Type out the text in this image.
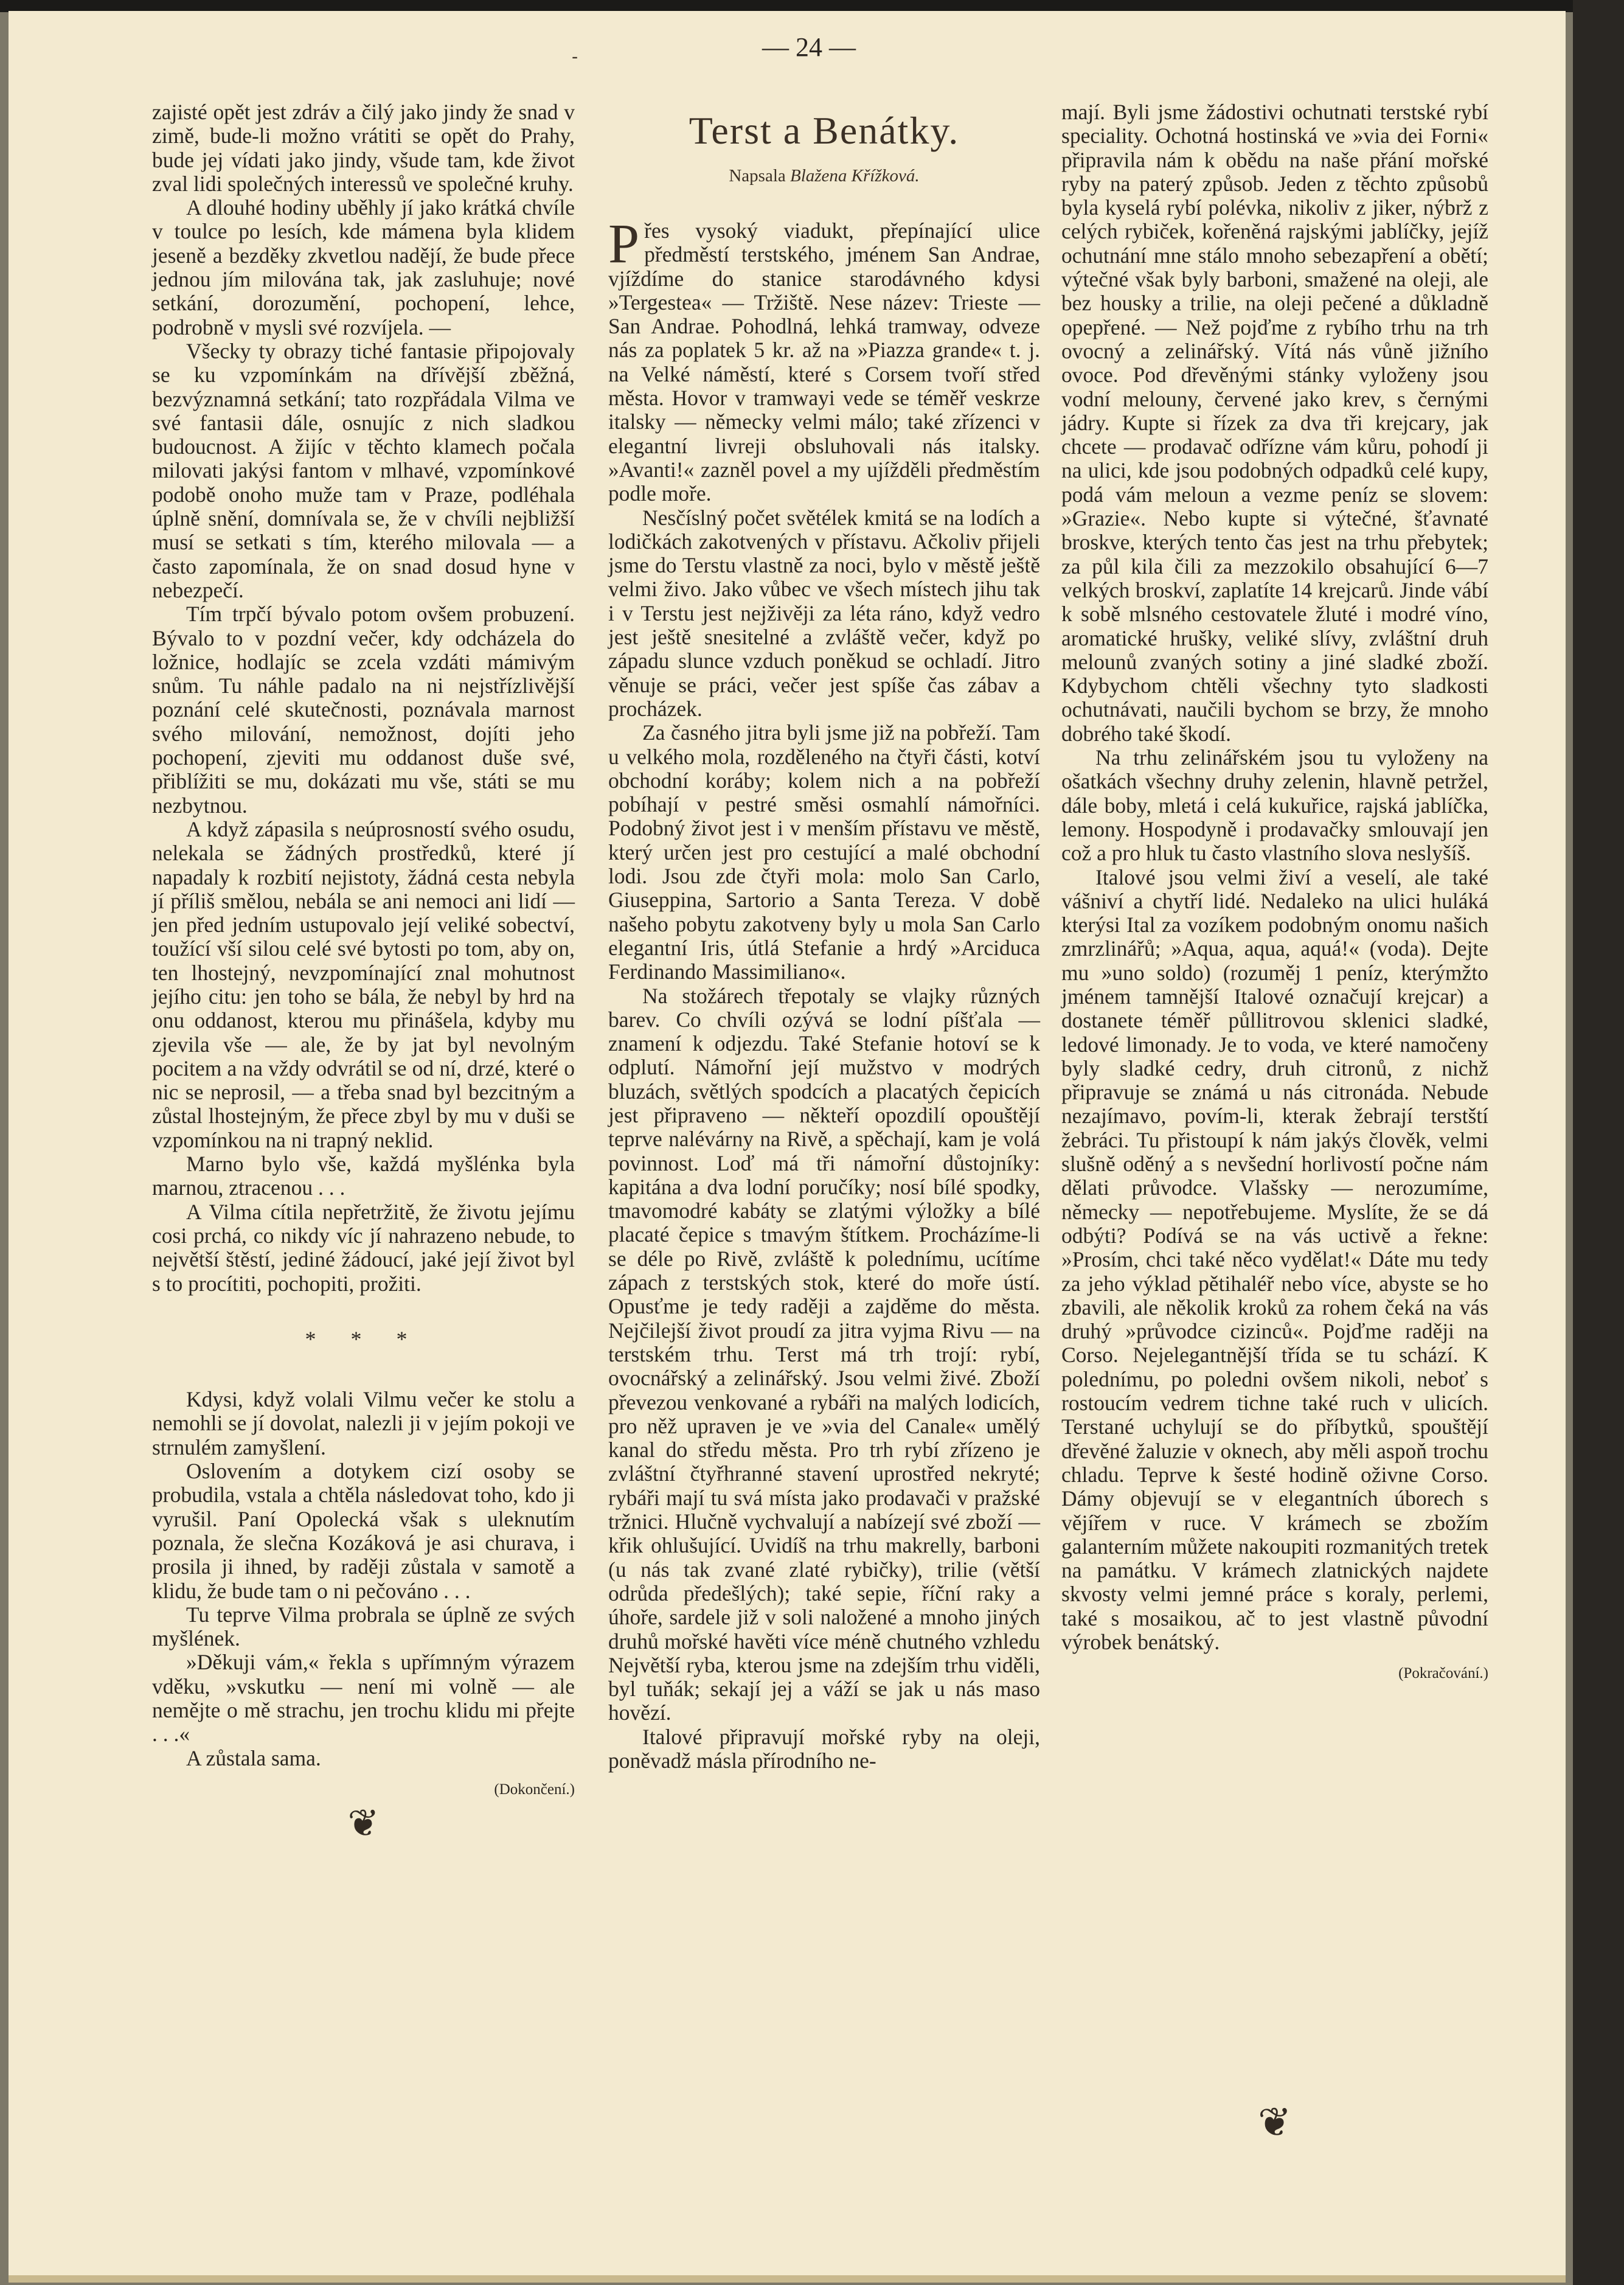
— 24 —
-

zajisté opět jest zdráv a čilý jako jindy že snad v zimě, bude-li možno vrátiti se opět do Prahy, bude jej vídati jako jindy, všude tam, kde život zval lidi společných interessů ve společné kruhy.

A dlouhé hodiny uběhly jí jako krátká chvíle v toulce po lesích, kde mámena byla klidem jeseně a bezděky zkvetlou nadějí, že bude přece jednou jím milována tak, jak zasluhuje; nové setkání, dorozumění, pochopení, lehce, podrobně v mysli své rozvíjela. —

Všecky ty obrazy tiché fantasie připojovaly se ku vzpomínkám na dřívější zběžná, bezvýznamná setkání; tato rozpřádala Vilma ve své fantasii dále, osnujíc z nich sladkou budoucnost. A žijíc v těchto klamech počala milovati jakýsi fantom v mlhavé, vzpomínkové podobě onoho muže tam v Praze, podléhala úplně snění, domnívala se, že v chvíli nejbližší musí se setkati s tím, kterého milovala — a často zapomínala, že on snad dosud hyne v nebezpečí.

Tím trpčí bývalo potom ovšem probuzení. Bývalo to v pozdní večer, kdy odcházela do ložnice, hodlajíc se zcela vzdáti mámivým snům. Tu náhle padalo na ni nejstřízlivější poznání celé skutečnosti, poznávala marnost svého milování, nemožnost, dojíti jeho pochopení, zjeviti mu oddanost duše své, přiblížiti se mu, dokázati mu vše, státi se mu nezbytnou.

A když zápasila s neúprosností svého osudu, nelekala se žádných prostředků, které jí napadaly k rozbití nejistoty, žádná cesta nebyla jí příliš smělou, nebála se ani nemoci ani lidí — jen před jedním ustupovalo její veliké sobectví, toužící vší silou celé své bytosti po tom, aby on, ten lhostejný, nevzpomínající znal mohutnost jejího citu: jen toho se bála, že nebyl by hrd na onu oddanost, kterou mu přinášela, kdyby mu zjevila vše — ale, že by jat byl nevolným pocitem a na vždy odvrátil se od ní, drzé, které o nic se neprosil, — a třeba snad byl bezcitným a zůstal lhostejným, že přece zbyl by mu v duši se vzpomínkou na ni trapný neklid.

Marno bylo vše, každá myšlénka byla marnou, ztracenou . . .

A Vilma cítila nepřetržitě, že životu jejímu cosi prchá, co nikdy víc jí nahrazeno nebude, to největší štěstí, jediné žádoucí, jaké její život byl s to procítiti, pochopiti, prožiti.

* * *

Kdysi, když volali Vilmu večer ke stolu a nemohli se jí dovolat, nalezli ji v jejím pokoji ve strnulém zamyšlení.

Oslovením a dotykem cizí osoby se probudila, vstala a chtěla následovat toho, kdo ji vyrušil. Paní Opolecká však s uleknutím poznala, že slečna Kozáková je asi churava, i prosila ji ihned, by raději zůstala v samotě a klidu, že bude tam o ni pečováno . . .

Tu teprve Vilma probrala se úplně ze svých myšlének.

»Děkuji vám,« řekla s upřímným výrazem vděku, »vskutku — není mi volně — ale nemějte o mě strachu, jen trochu klidu mi přejte . . .«

A zůstala sama.

(Dokončení.)
❦
Terst a Benátky.
Napsala Blažena Křížková.

Přes vysoký viadukt, přepínající ulice předměstí terstského, jménem San Andrae, vjíždíme do stanice starodávného kdysi »Tergestea« — Tržiště. Nese název: Trieste — San Andrae. Pohodlná, lehká tramway, odveze nás za poplatek 5 kr. až na »Piazza grande« t. j. na Velké náměstí, které s Corsem tvoří střed města. Hovor v tramwayi vede se téměř veskrze italsky — německy velmi málo; také zřízenci v elegantní livreji obsluhovali nás italsky. »Avanti!« zazněl povel a my ujížděli předměstím podle moře.

Nesčíslný počet světélek kmitá se na lodích a lodičkách zakotvených v přístavu. Ačkoliv přijeli jsme do Terstu vlastně za noci, bylo v městě ještě velmi živo. Jako vůbec ve všech místech jihu tak i v Terstu jest nejživěji za léta ráno, když vedro jest ještě snesitelné a zvláště večer, když po západu slunce vzduch poněkud se ochladí. Jitro věnuje se práci, večer jest spíše čas zábav a procházek.

Za časného jitra byli jsme již na pobřeží. Tam u velkého mola, rozděleného na čtyři části, kotví obchodní koráby; kolem nich a na pobřeží pobíhají v pestré směsi osmahlí námořníci. Podobný život jest i v menším přístavu ve městě, který určen jest pro cestující a malé obchodní lodi. Jsou zde čtyři mola: molo San Carlo, Giuseppina, Sartorio a Santa Tereza. V době našeho pobytu zakotveny byly u mola San Carlo elegantní Iris, útlá Stefanie a hrdý »Arciduca Ferdinando Massimiliano«.

Na stožárech třepotaly se vlajky různých barev. Co chvíli ozývá se lodní píšťala — znamení k odjezdu. Také Stefanie hotoví se k odplutí. Námořní její mužstvo v modrých bluzách, světlých spodcích a placatých čepicích jest připraveno — někteří opozdilí opouštějí teprve nalévárny na Rivě, a spěchají, kam je volá povinnost. Loď má tři námořní důstojníky: kapitána a dva lodní poručíky; nosí bílé spodky, tmavomodré kabáty se zlatými výložky a bílé placaté čepice s tmavým štítkem. Procházíme-li se déle po Rivě, zvláště k polednímu, ucítíme zápach z terstských stok, které do moře ústí. Opusťme je tedy raději a zajděme do města. Nejčilejší život proudí za jitra vyjma Rivu — na terstském trhu. Terst má trh trojí: rybí, ovocnářský a zelinářský. Jsou velmi živé. Zboží převezou venkované a rybáři na malých lodicích, pro něž upraven je ve »via del Canale« umělý kanal do středu města. Pro trh rybí zřízeno je zvláštní čtyřhranné stavení uprostřed nekryté; rybáři mají tu svá místa jako prodavači v pražské tržnici. Hlučně vychvalují a nabízejí své zboží — křik ohlušující. Uvidíš na trhu makrelly, barboni (u nás tak zvané zlaté rybičky), trilie (větší odrůda předešlých); také sepie, říční raky a úhoře, sardele již v soli naložené a mnoho jiných druhů mořské havěti více méně chutného vzhledu Největší ryba, kterou jsme na zdejším trhu viděli, byl tuňák; sekají jej a váží se jak u nás maso hovězí.

Italové připravují mořské ryby na oleji, poněvadž másla přírodního ne-

mají. Byli jsme žádostivi ochutnati terstské rybí speciality. Ochotná hostinská ve »via dei Forni« připravila nám k obědu na naše přání mořské ryby na paterý způsob. Jeden z těchto způsobů byla kyselá rybí polévka, nikoliv z jiker, nýbrž z celých rybiček, kořeněná rajskými jablíčky, jejíž ochutnání mne stálo mnoho sebezapření a obětí; výtečné však byly barboni, smažené na oleji, ale bez housky a trilie, na oleji pečené a důkladně opepřené. — Než pojďme z rybího trhu na trh ovocný a zelinářský. Vítá nás vůně jižního ovoce. Pod dřevěnými stánky vyloženy jsou vodní melouny, červené jako krev, s černými jádry. Kupte si řízek za dva tři krejcary, jak chcete — prodavač odřízne vám kůru, pohodí ji na ulici, kde jsou podobných odpadků celé kupy, podá vám meloun a vezme peníz se slovem: »Grazie«. Nebo kupte si výtečné, šťavnaté broskve, kterých tento čas jest na trhu přebytek; za půl kila čili za mezzokilo obsahující 6—7 velkých broskví, zaplatíte 14 krejcarů. Jinde vábí k sobě mlsného cestovatele žluté i modré víno, aromatické hrušky, veliké slívy, zvláštní druh melounů zvaných sotiny a jiné sladké zboží. Kdybychom chtěli všechny tyto sladkosti ochutnávati, naučili bychom se brzy, že mnoho dobrého také škodí.

Na trhu zelinářském jsou tu vyloženy na ošatkách všechny druhy zelenin, hlavně petržel, dále boby, mletá i celá kukuřice, rajská jablíčka, lemony. Hospodyně i prodavačky smlouvají jen což a pro hluk tu často vlastního slova neslyšíš.

Italové jsou velmi živí a veselí, ale také vášniví a chytří lidé. Nedaleko na ulici huláká kterýsi Ital za vozíkem podobným onomu našich zmrzlinářů; »Aqua, aqua, aquá!« (voda). Dejte mu »uno soldo) (rozuměj 1 peníz, kterýmžto jménem tamnější Italové označují krejcar) a dostanete téměř půllitrovou sklenici sladké, ledové limonady. Je to voda, ve které namočeny byly sladké cedry, druh citronů, z nichž připravuje se známá u nás citronáda. Nebude nezajímavo, povím-li, kterak žebrají terstští žebráci. Tu přistoupí k nám jakýs člověk, velmi slušně oděný a s nevšední horlivostí počne nám dělati průvodce. Vlašsky — nerozumíme, německy — nepotřebujeme. Myslíte, že se dá odbýti? Podívá se na vás uctivě a řekne: »Prosím, chci také něco vydělat!« Dáte mu tedy za jeho výklad pětihaléř nebo více, abyste se ho zbavili, ale několik kroků za rohem čeká na vás druhý »průvodce cizinců«. Pojďme raději na Corso. Nejelegantnější třída se tu schází. K polednímu, po poledni ovšem nikoli, neboť s rostoucím vedrem tichne také ruch v ulicích. Terstané uchylují se do příbytků, spouštějí dřevěné žaluzie v oknech, aby měli aspoň trochu chladu. Teprve k šesté hodině oživne Corso. Dámy objevují se v elegantních úborech s vějířem v ruce. V krámech se zbožím galanterním můžete nakoupiti rozmanitých tretek na památku. V krámech zlatnických najdete skvosty velmi jemné práce s koraly, perlemi, také s mosaikou, ač to jest vlastně původní výrobek benátský.

(Pokračování.)
❦
